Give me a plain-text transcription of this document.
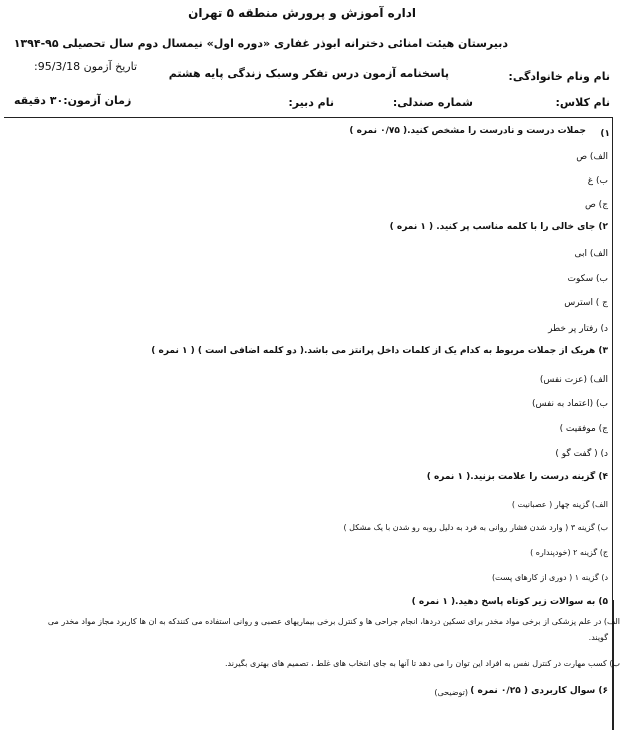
اداره آموزش و پرورش منطقه ۵ تهران
دبیرستان هیئت امنائی دخترانه ابوذر غفاری «دوره اول» نیمسال دوم سال تحصیلی ۹۵-۱۳۹۴
تاریخ آزمون 95/3/18:
نام ونام خانوادگی:
پاسخنامه آزمون درس تفکر وسبک زندگی پایه هشتم
زمان آزمون:۳۰ دقیقه	نام کلاس:
شماره صندلی:
نام دبیر:
۱)
جملات درست و نادرست را مشخص کنید.( ۰/۷۵ نمره )
الف) ص
ب) غ
ج) ص
۲) جای خالی را با کلمه مناسب پر کنید. ( ۱ نمره )
الف) ابی
ب) سکوت
ج ) استرس
د) رفتار پر خطر
۳) هریک از جملات مربوط به کدام یک از کلمات داخل پرانتز می باشد.( دو کلمه اضافی است ) ( ۱ نمره )
الف) (عزت نفس)
ب) (اعتماد به نفس)
ج) موفقیت )
د) ( گفت گو )
۴) گزینه درست را علامت بزنید.( ۱ نمره )
الف) گزینه چهار ( عصبانیت )
ب) گزینه ۳ ( وارد شدن فشار روانی به فرد به دلیل روبه رو شدن با یک مشکل )
ج) گزینه ۲ (خودپنداره )
د) گزینه ۱ ( دوری از کارهای پست)
۵) به سوالات زیر کوتاه پاسخ دهید.( ۱ نمره )
الف) در علم پزشکی از برخی مواد مخدر برای تسکین دردها، انجام جراحی ها و کنترل برخی بیماریهای عصبی و روانی استفاده می کنندکه به ان ها کاربرد مجاز مواد مخدر می
گویند.
ب) کسب مهارت در کنترل نفس به افراد این توان را می دهد تا آنها به جای انتخاب های غلط ، تصمیم های بهتری بگیرند.
۶) سوال کاربردی ( ۰/۲۵ نمره )
(توضیحی)
